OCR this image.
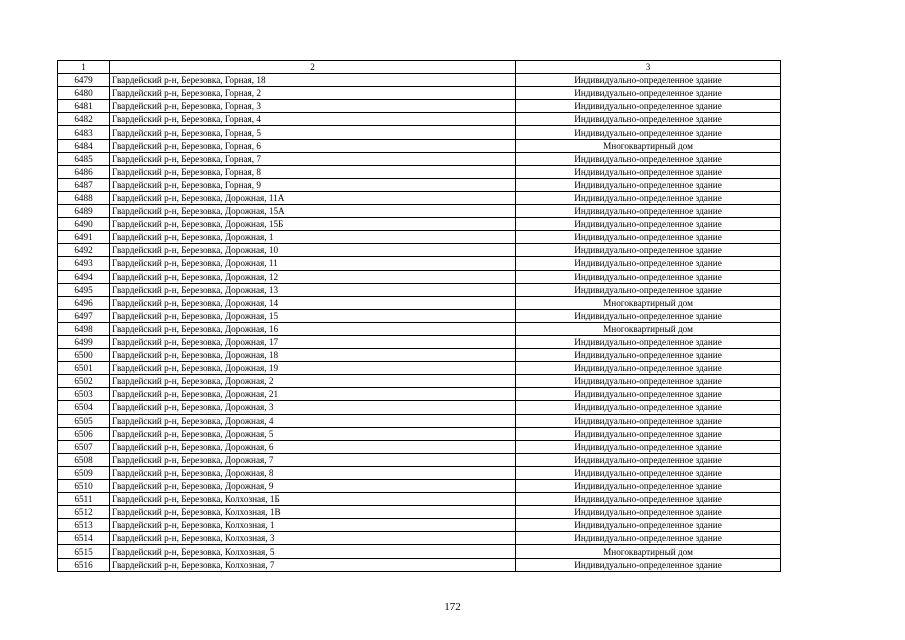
1	2	3
6479	Гвардейский р-н, Березовка, Горная, 18	Индивидуально-определенное здание
6480	Гвардейский р-н, Березовка, Горная, 2	Индивидуально-определенное здание
6481	Гвардейский р-н, Березовка, Горная, 3	Индивидуально-определенное здание
6482	Гвардейский р-н, Березовка, Горная, 4	Индивидуально-определенное здание
6483	Гвардейский р-н, Березовка, Горная, 5	Индивидуально-определенное здание
6484	Гвардейский р-н, Березовка, Горная, 6	Многоквартирный дом
6485	Гвардейский р-н, Березовка, Горная, 7	Индивидуально-определенное здание
6486	Гвардейский р-н, Березовка, Горная, 8	Индивидуально-определенное здание
6487	Гвардейский р-н, Березовка, Горная, 9	Индивидуально-определенное здание
6488	Гвардейский р-н, Березовка, Дорожная, 11А	Индивидуально-определенное здание
6489	Гвардейский р-н, Березовка, Дорожная, 15А	Индивидуально-определенное здание
6490	Гвардейский р-н, Березовка, Дорожная, 15Б	Индивидуально-определенное здание
6491	Гвардейский р-н, Березовка, Дорожная, 1	Индивидуально-определенное здание
6492	Гвардейский р-н, Березовка, Дорожная, 10	Индивидуально-определенное здание
6493	Гвардейский р-н, Березовка, Дорожная, 11	Индивидуально-определенное здание
6494	Гвардейский р-н, Березовка, Дорожная, 12	Индивидуально-определенное здание
6495	Гвардейский р-н, Березовка, Дорожная, 13	Индивидуально-определенное здание
6496	Гвардейский р-н, Березовка, Дорожная, 14	Многоквартирный дом
6497	Гвардейский р-н, Березовка, Дорожная, 15	Индивидуально-определенное здание
6498	Гвардейский р-н, Березовка, Дорожная, 16	Многоквартирный дом
6499	Гвардейский р-н, Березовка, Дорожная, 17	Индивидуально-определенное здание
6500	Гвардейский р-н, Березовка, Дорожная, 18	Индивидуально-определенное здание
6501	Гвардейский р-н, Березовка, Дорожная, 19	Индивидуально-определенное здание
6502	Гвардейский р-н, Березовка, Дорожная, 2	Индивидуально-определенное здание
6503	Гвардейский р-н, Березовка, Дорожная, 21	Индивидуально-определенное здание
6504	Гвардейский р-н, Березовка, Дорожная, 3	Индивидуально-определенное здание
6505	Гвардейский р-н, Березовка, Дорожная, 4	Индивидуально-определенное здание
6506	Гвардейский р-н, Березовка, Дорожная, 5	Индивидуально-определенное здание
6507	Гвардейский р-н, Березовка, Дорожная, 6	Индивидуально-определенное здание
6508	Гвардейский р-н, Березовка, Дорожная, 7	Индивидуально-определенное здание
6509	Гвардейский р-н, Березовка, Дорожная, 8	Индивидуально-определенное здание
6510	Гвардейский р-н, Березовка, Дорожная, 9	Индивидуально-определенное здание
6511	Гвардейский р-н, Березовка, Колхозная, 1Б	Индивидуально-определенное здание
6512	Гвардейский р-н, Березовка, Колхозная, 1В	Индивидуально-определенное здание
6513	Гвардейский р-н, Березовка, Колхозная, 1	Индивидуально-определенное здание
6514	Гвардейский р-н, Березовка, Колхозная, 3	Индивидуально-определенное здание
6515	Гвардейский р-н, Березовка, Колхозная, 5	Многоквартирный дом
6516	Гвардейский р-н, Березовка, Колхозная, 7	Индивидуально-определенное здание
172
